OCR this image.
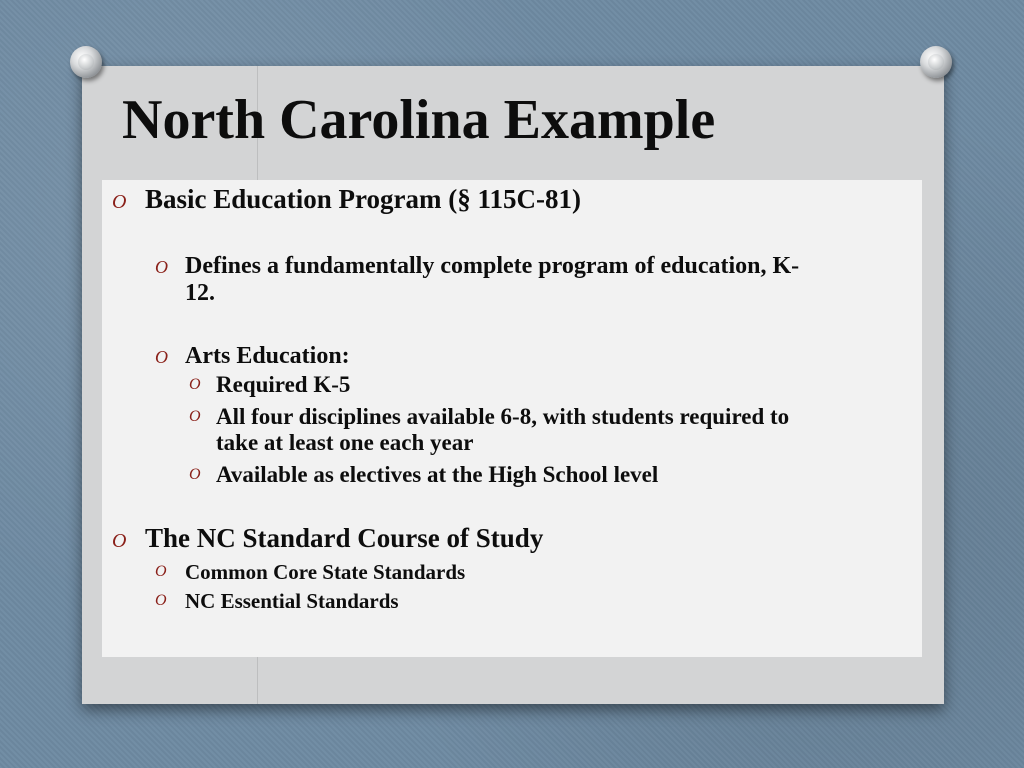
North Carolina Example
O Basic Education Program (§ 115C-81)
O Defines a fundamentally complete program of education, K-12.
O Arts Education:
O Required K-5
O All four disciplines available 6-8, with students required to take at least one each year
O Available as electives at the High School level
O The NC Standard Course of Study
O Common Core State Standards
O NC Essential Standards
